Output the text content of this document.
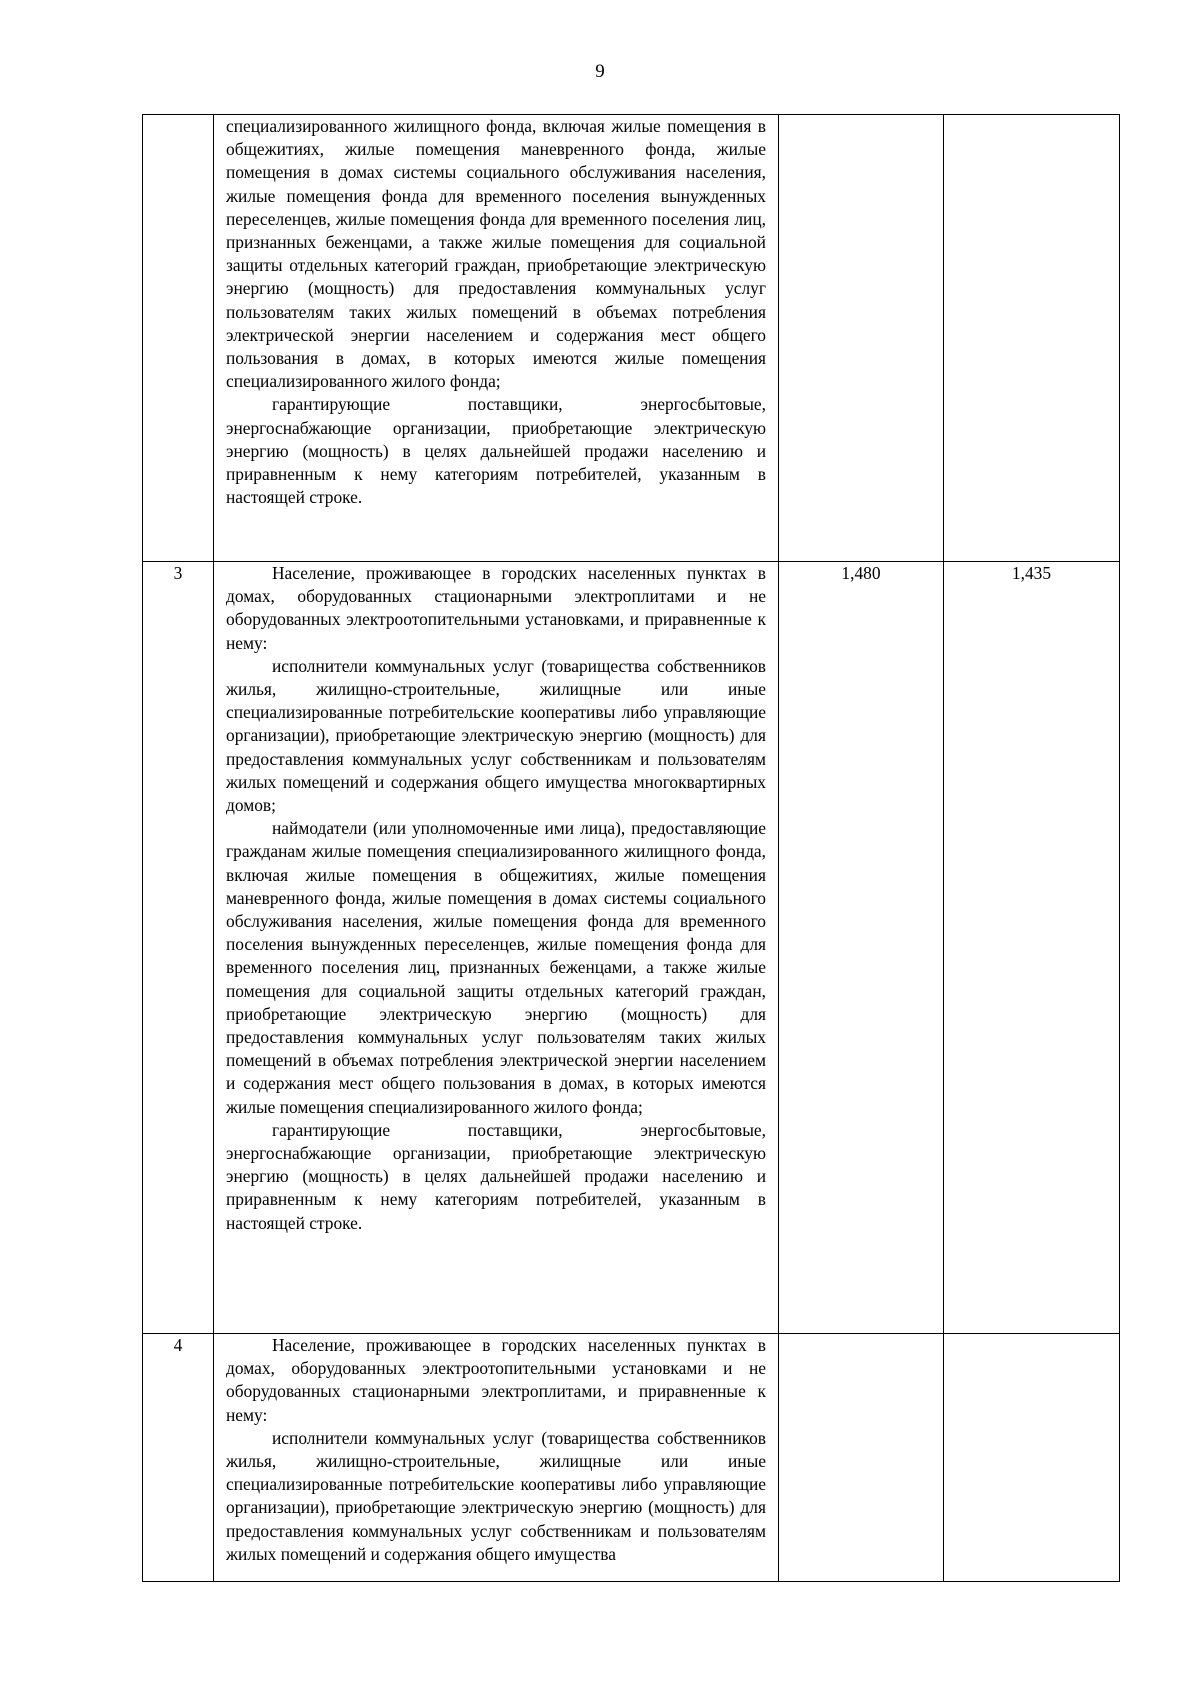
9

	специализированного жилищного фонда, включая жилые помещения в общежитиях, жилые помещения маневренного фонда, жилые помещения в домах системы социального обслуживания населения, жилые помещения фонда для временного поселения вынужденных переселенцев, жилые помещения фонда для временного поселения лиц, признанных беженцами, а также жилые помещения для социальной защиты отдельных категорий граждан, приобретающие электрическую энергию (мощность) для предоставления коммунальных услуг пользователям таких жилых помещений в объемах потребления электрической энергии населением и содержания мест общего пользования в домах, в которых имеются жилые помещения специализированного жилого фонда;

гарантирующие поставщики, энергосбытовые, энергоснабжающие организации, приобретающие электрическую энергию (мощность) в целях дальнейшей продажи населению и приравненным к нему категориям потребителей, указанным в настоящей строке.		

3	Население, проживающее в городских населенных пунктах в домах, оборудованных стационарными электроплитами и не оборудованных электроотопительными установками, и приравненные к нему:

исполнители коммунальных услуг (товарищества собственников жилья, жилищно-строительные, жилищные или иные специализированные потребительские кооперативы либо управляющие организации), приобретающие электрическую энергию (мощность) для предоставления коммунальных услуг собственникам и пользователям жилых помещений и содержания общего имущества многоквартирных домов;

наймодатели (или уполномоченные ими лица), предоставляющие гражданам жилые помещения специализированного жилищного фонда, включая жилые помещения в общежитиях, жилые помещения маневренного фонда, жилые помещения в домах системы социального обслуживания населения, жилые помещения фонда для временного поселения вынужденных переселенцев, жилые помещения фонда для временного поселения лиц, признанных беженцами, а также жилые помещения для социальной защиты отдельных категорий граждан, приобретающие электрическую энергию (мощность) для предоставления коммунальных услуг пользователям таких жилых помещений в объемах потребления электрической энергии населением и содержания мест общего пользования в домах, в которых имеются жилые помещения специализированного жилого фонда;

гарантирующие поставщики, энергосбытовые, энергоснабжающие организации, приобретающие электрическую энергию (мощность) в целях дальнейшей продажи населению и приравненным к нему категориям потребителей, указанным в настоящей строке.	1,480	1,435
4	Население, проживающее в городских населенных пунктах в домах, оборудованных электроотопительными установками и не оборудованных стационарными электроплитами, и приравненные к нему:

исполнители коммунальных услуг (товарищества собственников жилья, жилищно-строительные, жилищные или иные специализированные потребительские кооперативы либо управляющие организации), приобретающие электрическую энергию (мощность) для предоставления коммунальных услуг собственникам и пользователям жилых помещений и содержания общего имущества		
